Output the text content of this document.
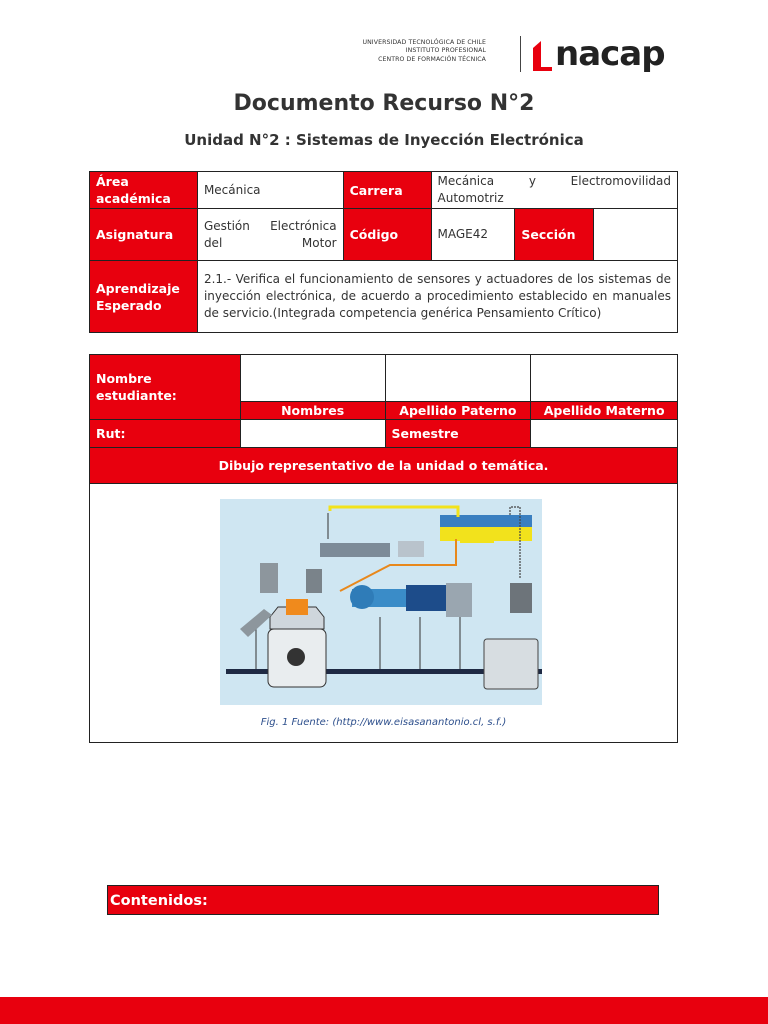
UNIVERSIDAD TECNOLÓGICA DE CHILE
INSTITUTO PROFESIONAL
CENTRO DE FORMACIÓN TÉCNICA nacap
Documento Recurso N°2
Unidad N°2 : Sistemas de Inyección Electrónica
Área académica	Mecánica	Carrera	Mecánica y Electromovilidad Automotriz		
Asignatura	Gestión Electrónica del Motor	Código	MAGE42	Sección	
Aprendizaje Esperado	2.1.- Verifica el funcionamiento de sensores y actuadores de los sistemas de inyección electrónica, de acuerdo a procedimiento establecido en manuales de servicio.(Integrada competencia genérica Pensamiento Crítico)				
Nombre estudiante:			
	Nombres	Apellido Paterno	Apellido Materno
Rut:		Semestre	
Dibujo representativo de la unidad o temática.			

Fig. 1 Fuente: (http://www.eisasanantonio.cl, s.f.)			
Contenidos:
